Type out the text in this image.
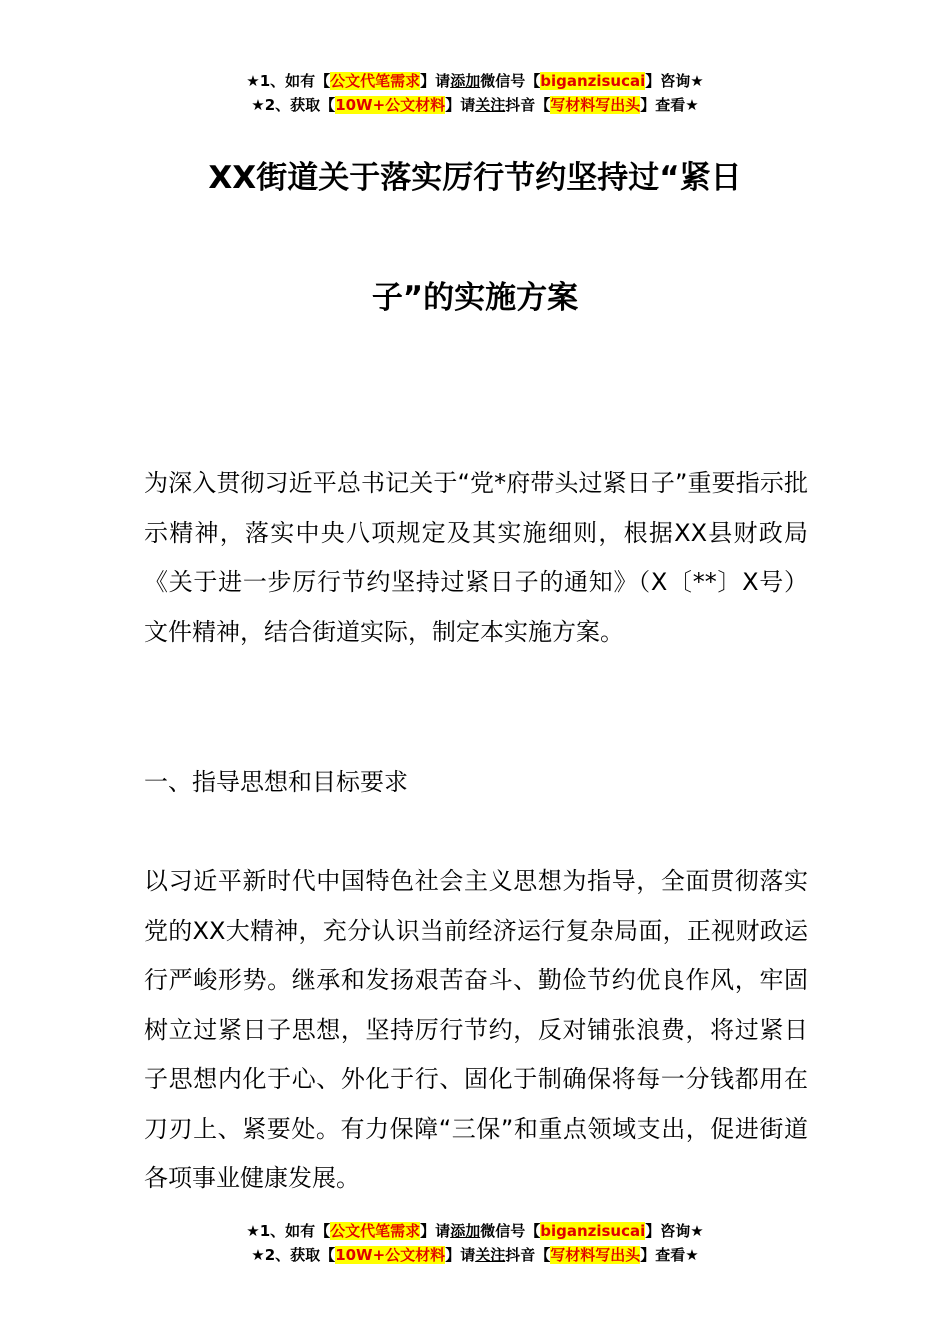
★1、如有【公文代笔需求】请添加微信号【biganzisucai】咨询★
★2、获取【10W+公文材料】请关注抖音【写材料写出头】查看★
XX街道关于落实厉行节约坚持过“紧日
子”的实施方案

为深入贯彻习近平总书记关于“党*府带头过紧日子”重要指示批示精神，落实中央八项规定及其实施细则，根据XX县财政局《关于进一步厉行节约坚持过紧日子的通知》（X〔**〕X号）文件精神，结合街道实际，制定本实施方案。

一、指导思想和目标要求

以习近平新时代中国特色社会主义思想为指导，全面贯彻落实党的XX大精神，充分认识当前经济运行复杂局面，正视财政运行严峻形势。继承和发扬艰苦奋斗、勤俭节约优良作风，牢固树立过紧日子思想，坚持厉行节约，反对铺张浪费，将过紧日子思想内化于心、外化于行、固化于制确保将每一分钱都用在刀刃上、紧要处。有力保障“三保”和重点领域支出，促进街道各项事业健康发展。

★1、如有【公文代笔需求】请添加微信号【biganzisucai】咨询★
★2、获取【10W+公文材料】请关注抖音【写材料写出头】查看★
